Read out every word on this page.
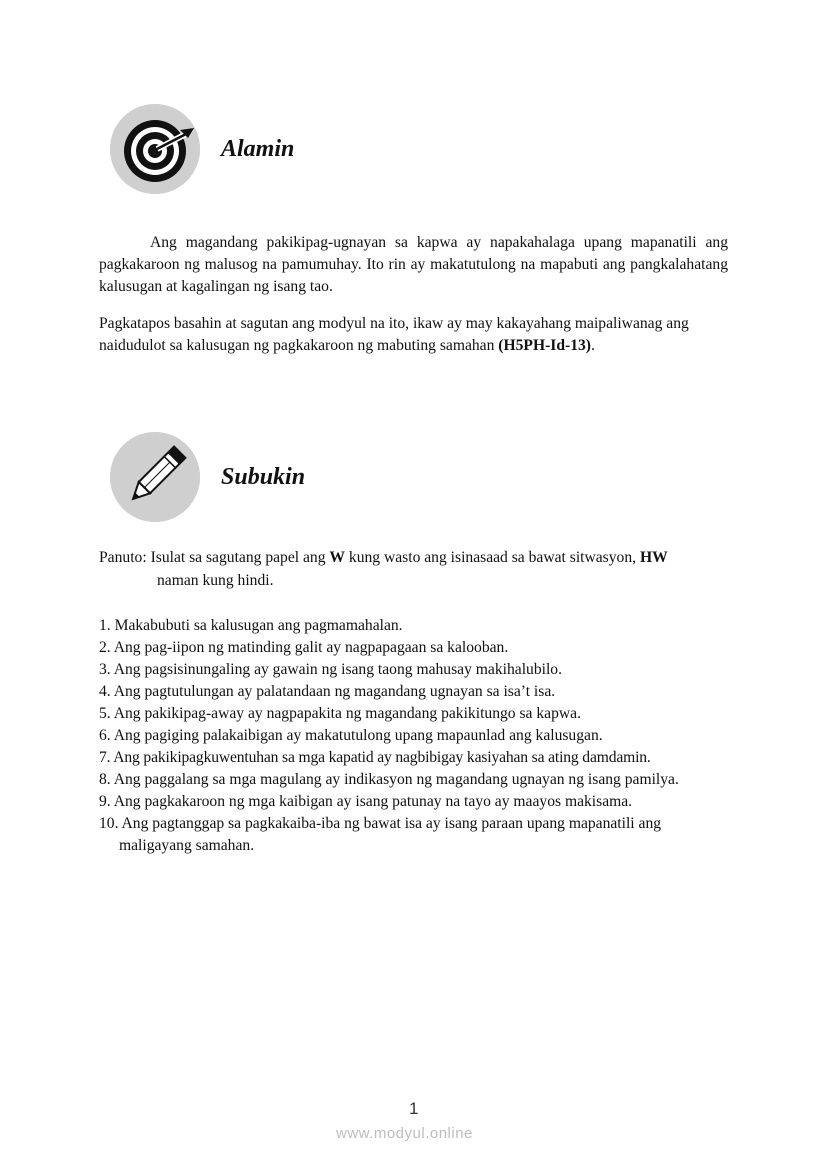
Alamin
Ang magandang pakikipag-ugnayan sa kapwa ay napakahalaga upang mapanatili ang pagkakaroon ng malusog na pamumuhay. Ito rin ay makatutulong na mapabuti ang pangkalahatang kalusugan at kagalingan ng isang tao.
Pagkatapos basahin at sagutan ang modyul na ito, ikaw ay may kakayahang maipaliwanag ang naidudulot sa kalusugan ng pagkakaroon ng mabuting samahan (H5PH-Id-13).
Subukin
Panuto: Isulat sa sagutang papel ang W kung wasto ang isinasaad sa bawat sitwasyon, HW
naman kung hindi.
1. Makabubuti sa kalusugan ang pagmamahalan.
2. Ang pag-iipon ng matinding galit ay nagpapagaan sa kalooban.
3. Ang pagsisinungaling ay gawain ng isang taong mahusay makihalubilo.
4. Ang pagtutulungan ay palatandaan ng magandang ugnayan sa isa’t isa.
5. Ang pakikipag-away ay nagpapakita ng magandang pakikitungo sa kapwa.
6. Ang pagiging palakaibigan ay makatutulong upang mapaunlad ang kalusugan.
7. Ang pakikipagkuwentuhan sa mga kapatid ay nagbibigay kasiyahan sa ating damdamin.
8. Ang paggalang sa mga magulang ay indikasyon ng magandang ugnayan ng isang pamilya.
9. Ang pagkakaroon ng mga kaibigan ay isang patunay na tayo ay maayos makisama.
10. Ang pagtanggap sa pagkakaiba-iba ng bawat isa ay isang paraan upang mapanatili ang maligayang samahan.
1
www.modyul.online
